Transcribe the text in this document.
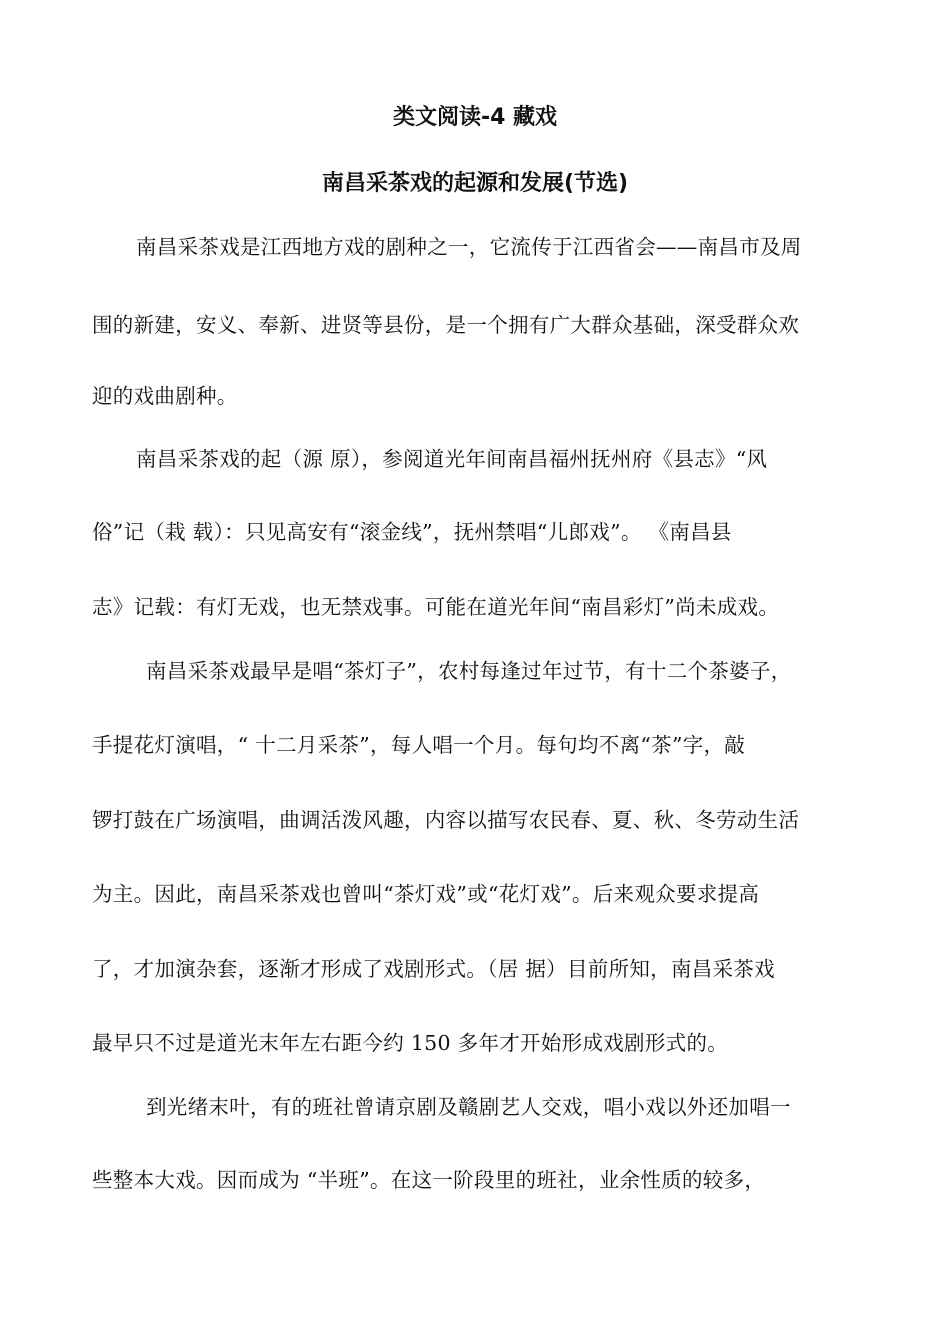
类文阅读-4 藏戏
南昌采茶戏的起源和发展(节选)
南昌采茶戏是江西地方戏的剧种之一，它流传于江西省会——南昌市及周
围的新建，安义、奉新、进贤等县份，是一个拥有广大群众基础，深受群众欢
迎的戏曲剧种。
南昌采茶戏的起（源 原），参阅道光年间南昌福州抚州府《县志》“风
俗”记（栽 载）：只见高安有“滚金线”，抚州禁唱“儿郎戏”。 《南昌县
志》记载：有灯无戏，也无禁戏事。可能在道光年间“南昌彩灯”尚未成戏。
南昌采茶戏最早是唱“茶灯子”，农村每逢过年过节，有十二个茶婆子，
手提花灯演唱，“ 十二月采茶”，每人唱一个月。每句均不离“茶”字，敲
锣打鼓在广场演唱，曲调活泼风趣，内容以描写农民春、夏、秋、冬劳动生活
为主。因此，南昌采茶戏也曾叫“茶灯戏”或“花灯戏”。后来观众要求提高
了，才加演杂套，逐渐才形成了戏剧形式。（居 据）目前所知，南昌采茶戏
最早只不过是道光末年左右距今约 150 多年才开始形成戏剧形式的。
到光绪末叶，有的班社曾请京剧及赣剧艺人交戏，唱小戏以外还加唱一
些整本大戏。因而成为 “半班”。在这一阶段里的班社，业余性质的较多，
